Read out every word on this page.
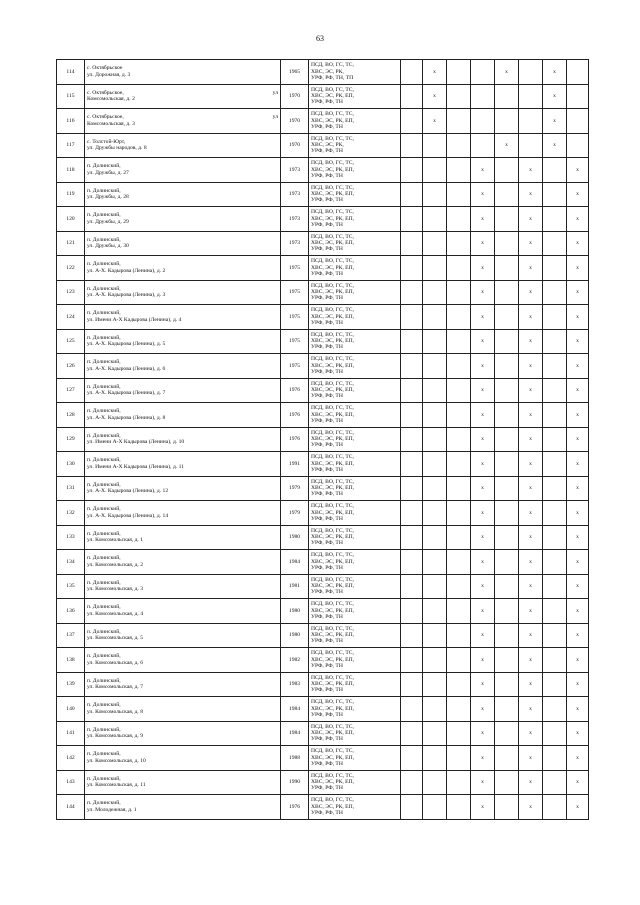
63
114	с. Октябрьское
ул. Дорожная, д. 3	1965	ПСД, ВО, ГС, ТС,
ХВС, ЭС, РК,
УРФ, РФ, ТН, ТП		x			x		x	
115	с. Октябрьское, ул
Комсомольская, д. 2	1970	ПСД, ВО, ГС, ТС,
ХВС, ЭС, РК, ЕП,
УРФ, РФ, ТН		x					x	
116	с. Октябрьское, ул
Комсомольская, д. 3	1970	ПСД, ВО, ГС, ТС,
ХВС, ЭС, РК, ЕП,
УРФ, РФ, ТН		x					x	
117	с. Толстой-Юрт,
ул. Дружбы народов, д. 8	1970	ПСД, ВО, ГС, ТС,
ХВС, ЭС, РК,
УРФ, РФ, ТН					x		x	
118	п. Долинский,
ул. Дружбы, д. 27	1973	ПСД, ВО, ГС, ТС,
ХВС, ЭС, РК, ЕП,
УРФ, РФ, ТН				x		x		x
119	п. Долинский,
ул. Дружбы, д. 28	1973	ПСД, ВО, ГС, ТС,
ХВС, ЭС, РК, ЕП,
УРФ, РФ, ТН				x		x		x
120	п. Долинский,
ул. Дружбы, д. 29	1973	ПСД, ВО, ГС, ТС,
ХВС, ЭС, РК, ЕП,
УРФ, РФ, ТН				x		x		x
121	п. Долинский,
ул. Дружбы, д. 30	1973	ПСД, ВО, ГС, ТС,
ХВС, ЭС, РК, ЕП,
УРФ, РФ, ТН				x		x		x
122	п. Долинский,
ул. А-Х. Кадырова (Ленина), д. 2	1975	ПСД, ВО, ГС, ТС,
ХВС, ЭС, РК, ЕП,
УРФ, РФ, ТН				x		x		x
123	п. Долинский,
ул. А-Х. Кадырова (Ленина), д. 3	1975	ПСД, ВО, ГС, ТС,
ХВС, ЭС, РК, ЕП,
УРФ, РФ, ТН				x		x		x
124	п. Долинский,
ул. Имени А-Х Кадырова (Ленина), д. 4	1975	ПСД, ВО, ГС, ТС,
ХВС, ЭС, РК, ЕП,
УРФ, РФ, ТН				x		x		x
125	п. Долинский,
ул. А-Х. Кадырова (Ленина), д. 5	1975	ПСД, ВО, ГС, ТС,
ХВС, ЭС, РК, ЕП,
УРФ, РФ, ТН				x		x		x
126	п. Долинский,
ул. А-Х. Кадырова (Ленина), д. 6	1975	ПСД, ВО, ГС, ТС,
ХВС, ЭС, РК, ЕП,
УРФ, РФ, ТН				x		x		x
127	п. Долинский,
ул. А-Х. Кадырова (Ленина), д. 7	1976	ПСД, ВО, ГС, ТС,
ХВС, ЭС, РК, ЕП,
УРФ, РФ, ТН				x		x		x
128	п. Долинский,
ул. А-Х. Кадырова (Ленина), д. 8	1976	ПСД, ВО, ГС, ТС,
ХВС, ЭС, РК, ЕП,
УРФ, РФ, ТН				x		x		x
129	п. Долинский,
ул. Имени А-Х Кадырова (Ленина), д. 10	1976	ПСД, ВО, ГС, ТС,
ХВС, ЭС, РК, ЕП,
УРФ, РФ, ТН				x		x		x
130	п. Долинский,
ул. Имени А-Х Кадырова (Ленина), д. 11	1991	ПСД, ВО, ГС, ТС,
ХВС, ЭС, РК, ЕП,
УРФ, РФ, ТН				x		x		x
131	п. Долинский,
ул. А-Х. Кадырова (Ленина), д. 12	1979	ПСД, ВО, ГС, ТС,
ХВС, ЭС, РК, ЕП,
УРФ, РФ, ТН				x		x		x
132	п. Долинский,
ул. А-Х. Кадырова (Ленина), д. 14	1979	ПСД, ВО, ГС, ТС,
ХВС, ЭС, РК, ЕП,
УРФ, РФ, ТН				x		x		x
133	п. Долинский,
ул. Комсомольская, д. 1	1980	ПСД, ВО, ГС, ТС,
ХВС, ЭС, РК, ЕП,
УРФ, РФ, ТН				x		x		x
134	п. Долинский,
ул. Комсомольская, д. 2	1984	ПСД, ВО, ГС, ТС,
ХВС, ЭС, РК, ЕП,
УРФ, РФ, ТН				x		x		x
135	п. Долинский,
ул. Комсомольская, д. 3	1981	ПСД, ВО, ГС, ТС,
ХВС, ЭС, РК, ЕП,
УРФ, РФ, ТН				x		x		x
136	п. Долинский,
ул. Комсомольская, д. 4	1980	ПСД, ВО, ГС, ТС,
ХВС, ЭС, РК, ЕП,
УРФ, РФ, ТН				x		x		x
137	п. Долинский,
ул. Комсомольская, д. 5	1980	ПСД, ВО, ГС, ТС,
ХВС, ЭС, РК, ЕП,
УРФ, РФ, ТН				x		x		x
138	п. Долинский,
ул. Комсомольская, д. 6	1982	ПСД, ВО, ГС, ТС,
ХВС, ЭС, РК, ЕП,
УРФ, РФ, ТН				x		x		x
139	п. Долинский,
ул. Комсомольская, д. 7	1983	ПСД, ВО, ГС, ТС,
ХВС, ЭС, РК, ЕП,
УРФ, РФ, ТН				x		x		x
140	п. Долинский,
ул. Комсомольская, д. 8	1984	ПСД, ВО, ГС, ТС,
ХВС, ЭС, РК, ЕП,
УРФ, РФ, ТН				x		x		x
141	п. Долинский,
ул. Комсомольская, д. 9	1984	ПСД, ВО, ГС, ТС,
ХВС, ЭС, РК, ЕП,
УРФ, РФ, ТН				x		x		x
142	п. Долинский,
ул. Комсомольская, д. 10	1988	ПСД, ВО, ГС, ТС,
ХВС, ЭС, РК, ЕП,
УРФ, РФ, ТН				x		x		x
143	п. Долинский,
ул. Комсомольская, д. 11	1990	ПСД, ВО, ГС, ТС,
ХВС, ЭС, РК, ЕП,
УРФ, РФ, ТН				x		x		x
144	п. Долинский,
ул. Молодежная, д. 1	1976	ПСД, ВО, ГС, ТС,
ХВС, ЭС, РК, ЕП,
УРФ, РФ, ТН				x		x		x
